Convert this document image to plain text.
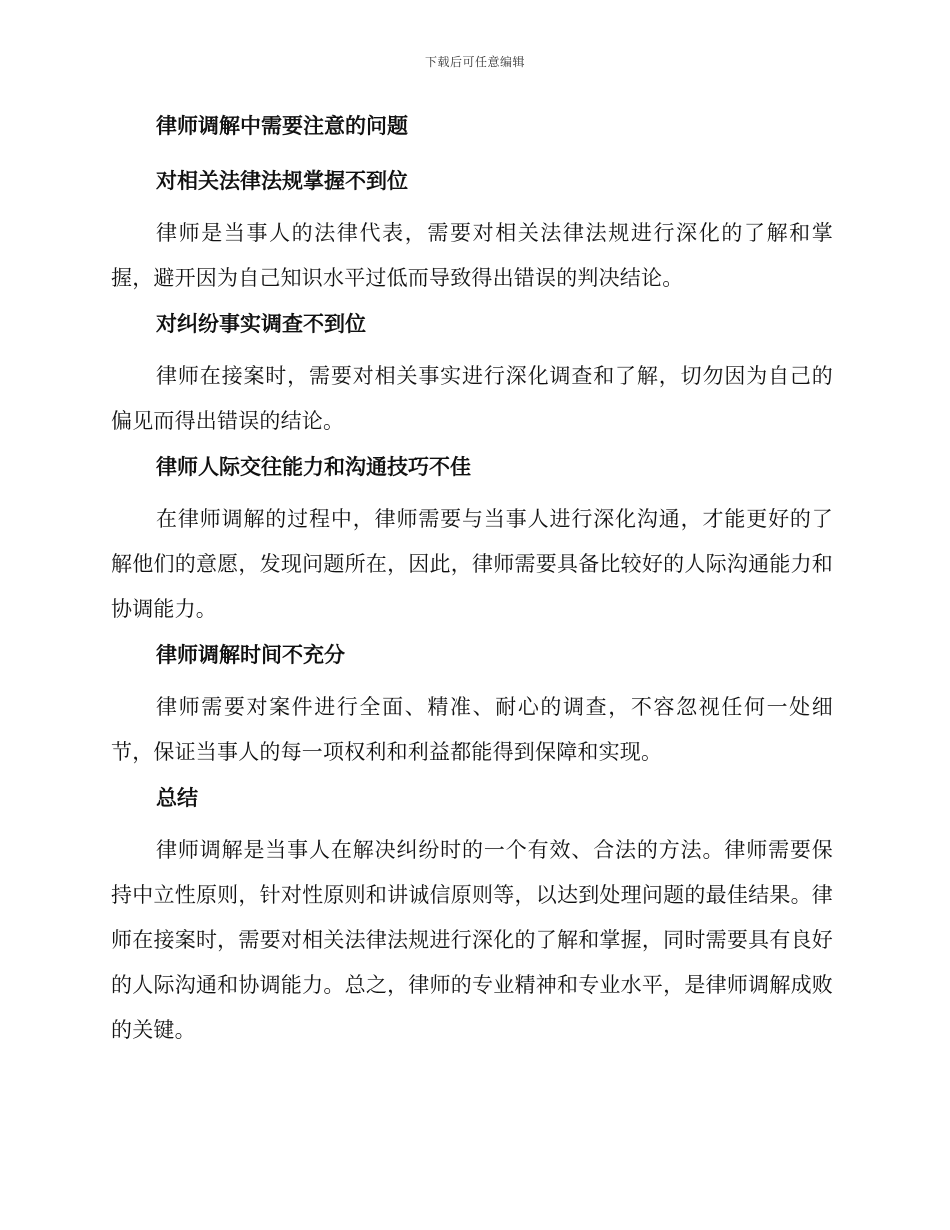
下载后可任意编辑
律师调解中需要注意的问题
对相关法律法规掌握不到位

律师是当事人的法律代表，需要对相关法律法规进行深化的了解和掌握，避开因为自己知识水平过低而导致得出错误的判决结论。

对纠纷事实调查不到位

律师在接案时，需要对相关事实进行深化调查和了解，切勿因为自己的偏见而得出错误的结论。

律师人际交往能力和沟通技巧不佳

在律师调解的过程中，律师需要与当事人进行深化沟通，才能更好的了解他们的意愿，发现问题所在，因此，律师需要具备比较好的人际沟通能力和协调能力。

律师调解时间不充分

律师需要对案件进行全面、精准、耐心的调查，不容忽视任何一处细节，保证当事人的每一项权利和利益都能得到保障和实现。

总结

律师调解是当事人在解决纠纷时的一个有效、合法的方法。律师需要保持中立性原则，针对性原则和讲诚信原则等，以达到处理问题的最佳结果。律师在接案时，需要对相关法律法规进行深化的了解和掌握，同时需要具有良好的人际沟通和协调能力。总之，律师的专业精神和专业水平，是律师调解成败的关键。
